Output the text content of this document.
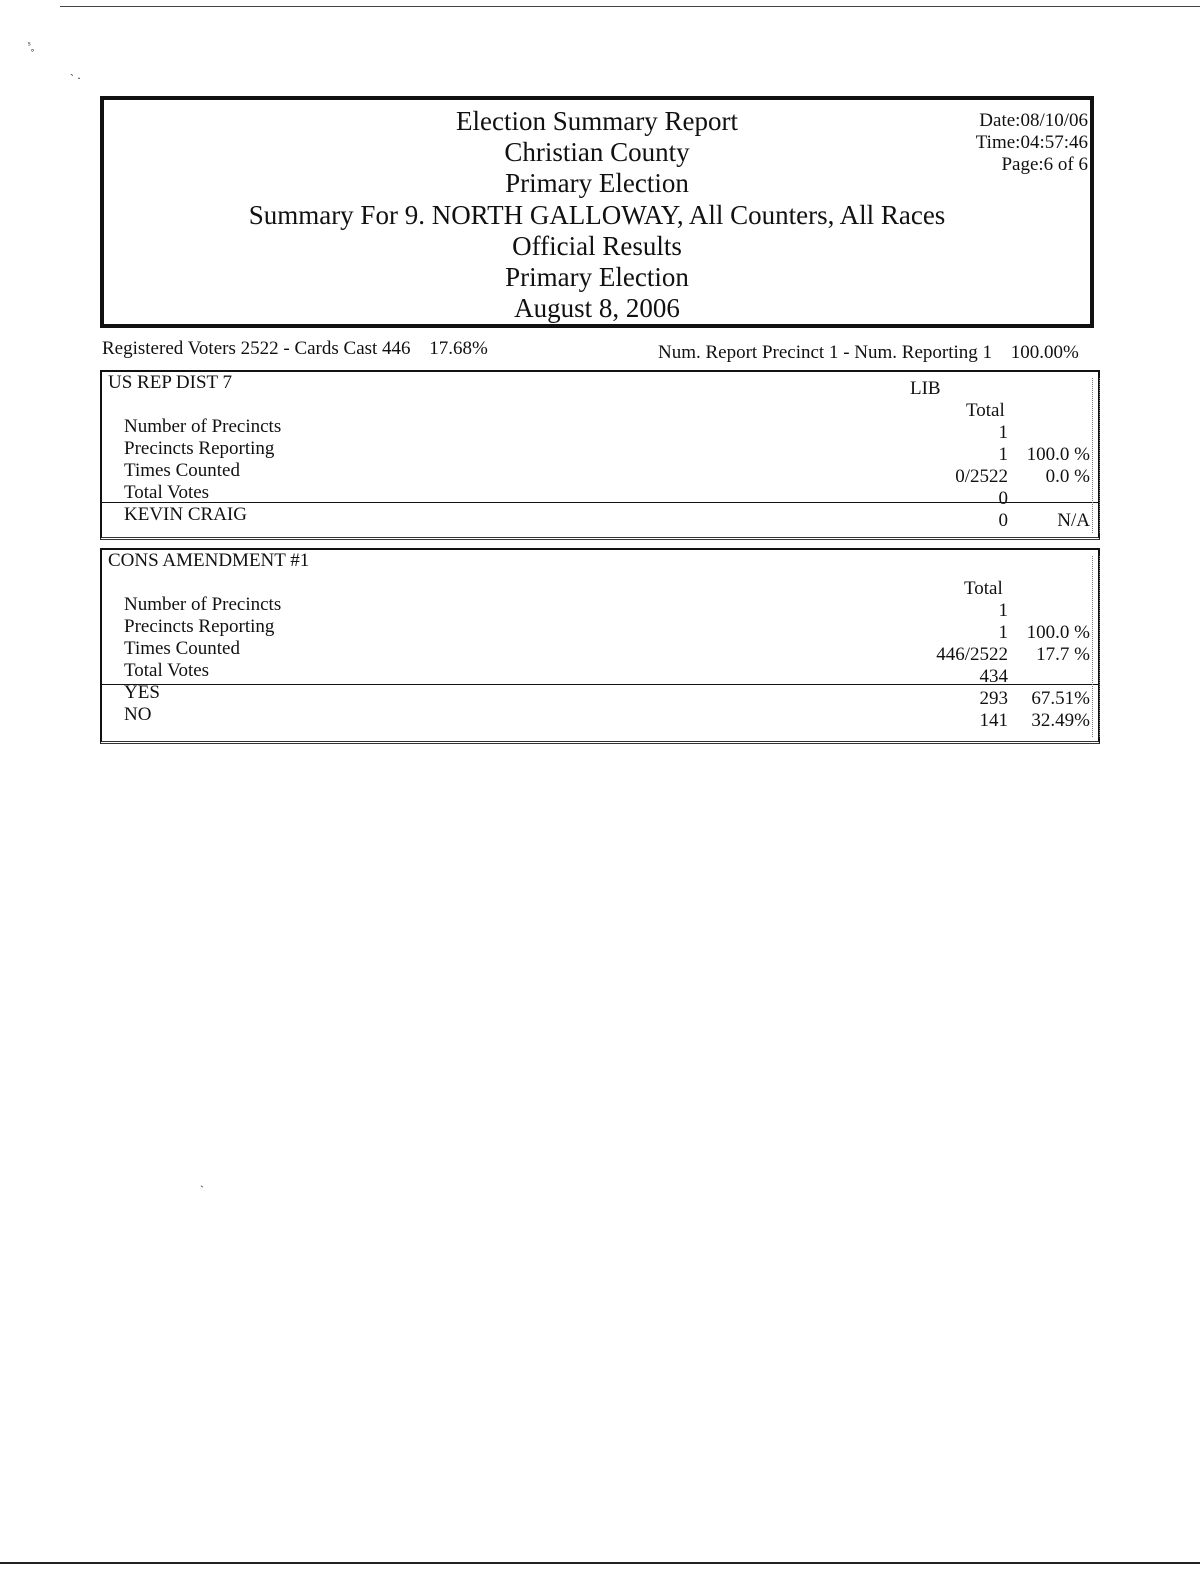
ˢ˳
˴ ˯
Election Summary Report
Christian County
Primary Election
Summary For 9. NORTH GALLOWAY, All Counters, All Races
Official Results
Primary Election
August 8, 2006
Date:08/10/06
Time:04:57:46
Page:6 of 6
Registered Voters 2522 - Cards Cast 446 17.68%	Num. Report Precinct 1 - Num. Reporting 1 100.00%
US REP DIST 7	LIB
Total
Number of Precincts	1
Precincts Reporting	1 100.0 %
Times Counted	0/2522 0.0 %
Total Votes	0
KEVIN CRAIG	0	N/A
CONS AMENDMENT #1
Total
Number of Precincts	1
Precincts Reporting	1 100.0 %
Times Counted	446/2522 17.7 %
Total Votes	434
YES	293 67.51%
NO	141 32.49%
ˏ
